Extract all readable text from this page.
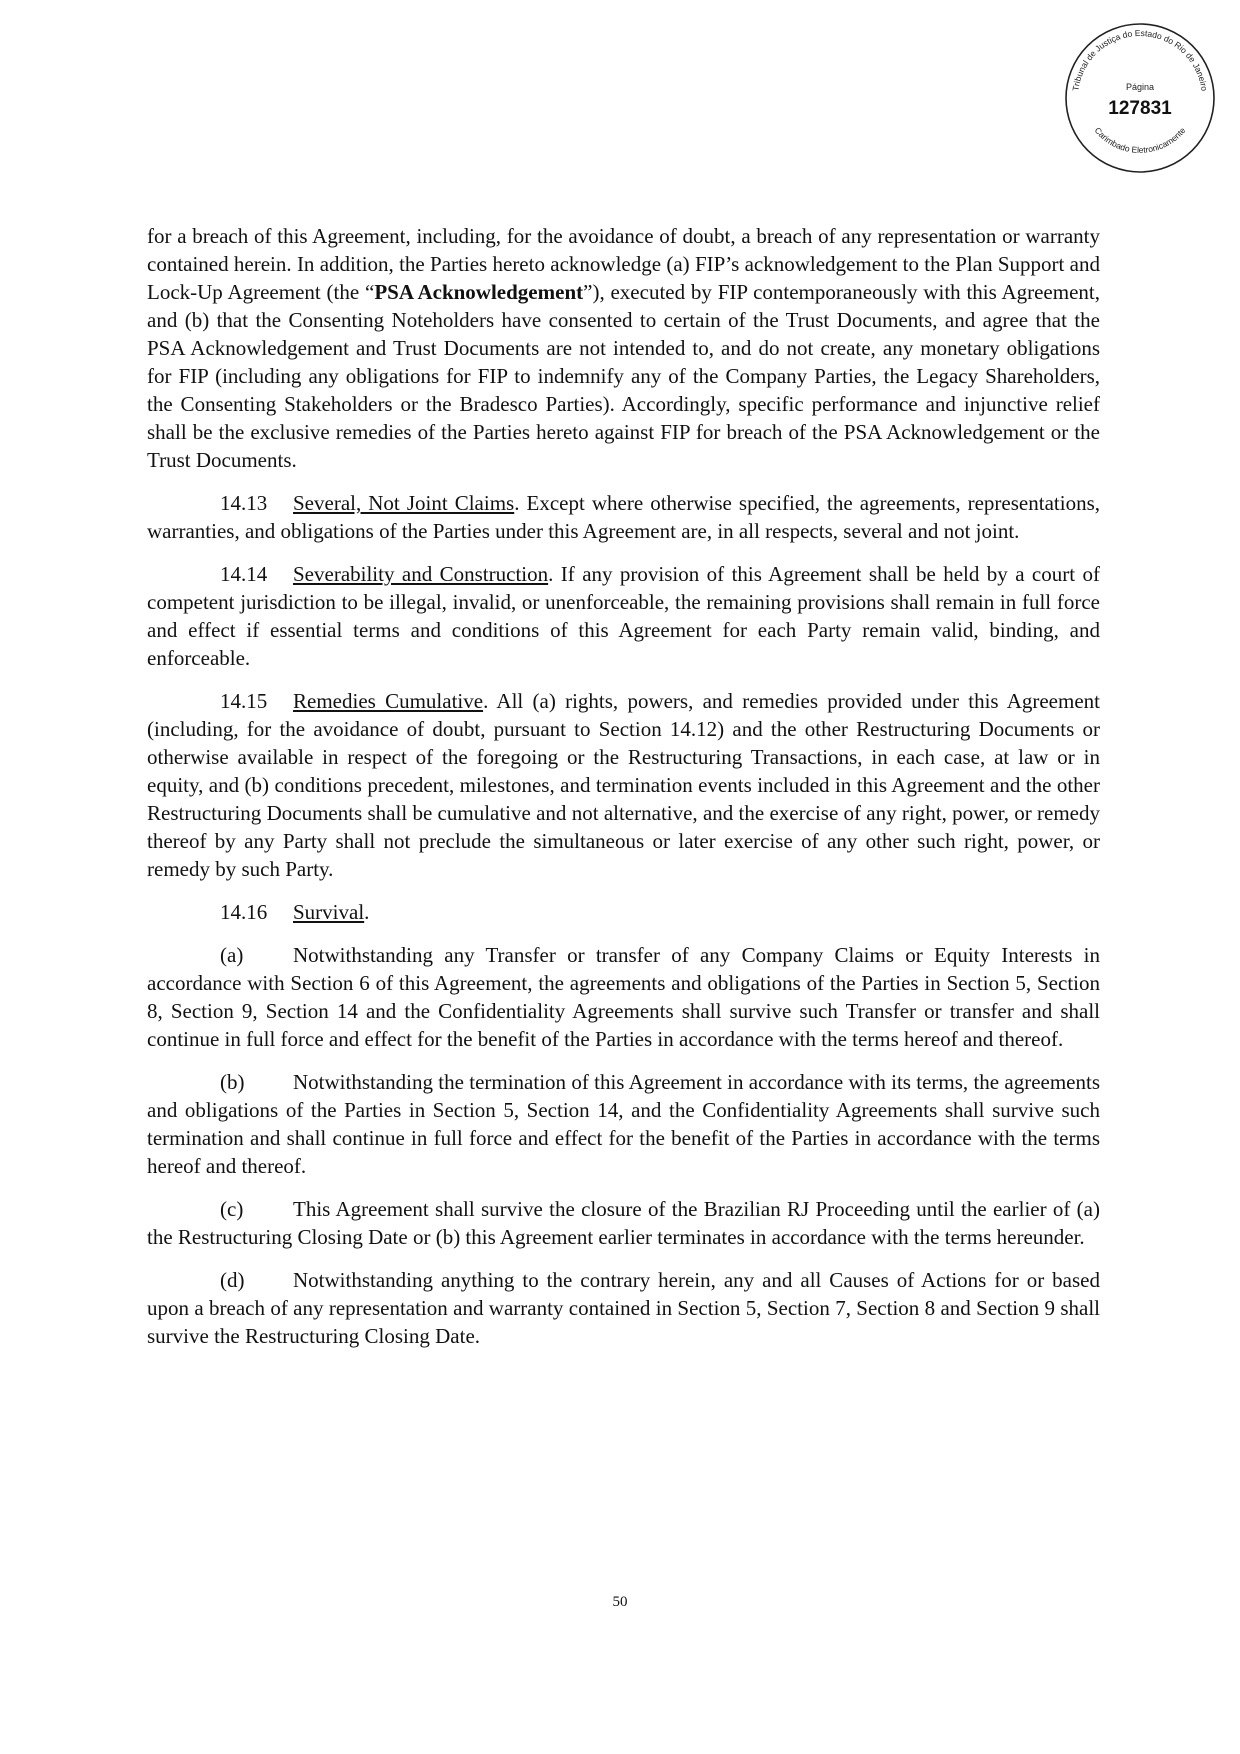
Tribunal de Justiça do Estado do Rio de Janeiro
Carimbado Eletronicamente
Página
127831

for a breach of this Agreement, including, for the avoidance of doubt, a breach of any representation or warranty contained herein. In addition, the Parties hereto acknowledge (a) FIP’s acknowledgement to the Plan Support and Lock-Up Agreement (the “PSA Acknowledgement”), executed by FIP contemporaneously with this Agreement, and (b) that the Consenting Noteholders have consented to certain of the Trust Documents, and agree that the PSA Acknowledgement and Trust Documents are not intended to, and do not create, any monetary obligations for FIP (including any obligations for FIP to indemnify any of the Company Parties, the Legacy Shareholders, the Consenting Stakeholders or the Bradesco Parties). Accordingly, specific performance and injunctive relief shall be the exclusive remedies of the Parties hereto against FIP for breach of the PSA Acknowledgement or the Trust Documents.

14.13 Several, Not Joint Claims. Except where otherwise specified, the agreements, representations, warranties, and obligations of the Parties under this Agreement are, in all respects, several and not joint.

14.14 Severability and Construction. If any provision of this Agreement shall be held by a court of competent jurisdiction to be illegal, invalid, or unenforceable, the remaining provisions shall remain in full force and effect if essential terms and conditions of this Agreement for each Party remain valid, binding, and enforceable.

14.15 Remedies Cumulative. All (a) rights, powers, and remedies provided under this Agreement (including, for the avoidance of doubt, pursuant to Section 14.12) and the other Restructuring Documents or otherwise available in respect of the foregoing or the Restructuring Transactions, in each case, at law or in equity, and (b) conditions precedent, milestones, and termination events included in this Agreement and the other Restructuring Documents shall be cumulative and not alternative, and the exercise of any right, power, or remedy thereof by any Party shall not preclude the simultaneous or later exercise of any other such right, power, or remedy by such Party.

14.16 Survival.

(a) Notwithstanding any Transfer or transfer of any Company Claims or Equity Interests in accordance with Section 6 of this Agreement, the agreements and obligations of the Parties in Section 5, Section 8, Section 9, Section 14 and the Confidentiality Agreements shall survive such Transfer or transfer and shall continue in full force and effect for the benefit of the Parties in accordance with the terms hereof and thereof.

(b) Notwithstanding the termination of this Agreement in accordance with its terms, the agreements and obligations of the Parties in Section 5, Section 14, and the Confidentiality Agreements shall survive such termination and shall continue in full force and effect for the benefit of the Parties in accordance with the terms hereof and thereof.

(c) This Agreement shall survive the closure of the Brazilian RJ Proceeding until the earlier of (a) the Restructuring Closing Date or (b) this Agreement earlier terminates in accordance with the terms hereunder.

(d) Notwithstanding anything to the contrary herein, any and all Causes of Actions for or based upon a breach of any representation and warranty contained in Section 5, Section 7, Section 8 and Section 9 shall survive the Restructuring Closing Date.

50
